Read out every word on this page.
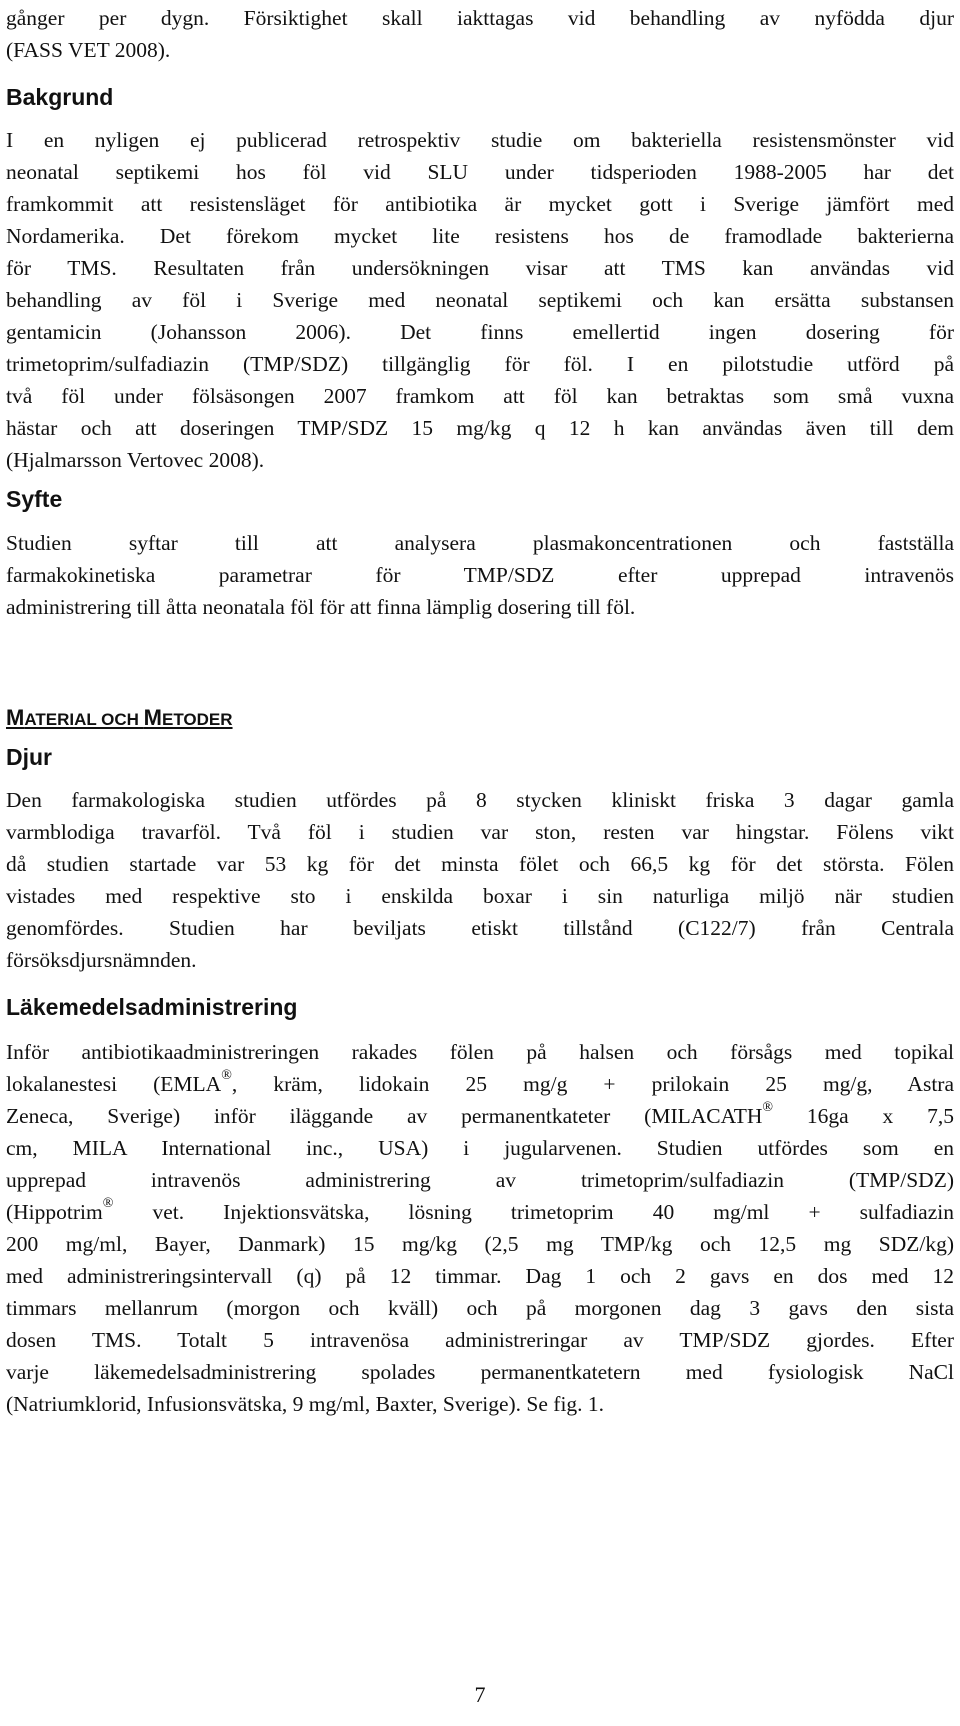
gånger per dygn. Försiktighet skall iakttagas vid behandling av nyfödda djur
(FASS VET 2008).
Bakgrund
I en nyligen ej publicerad retrospektiv studie om bakteriella resistensmönster vid
neonatal septikemi hos föl vid SLU under tidsperioden 1988-2005 har det
framkommit att resistensläget för antibiotika är mycket gott i Sverige jämfört med
Nordamerika. Det förekom mycket lite resistens hos de framodlade bakterierna
för TMS. Resultaten från undersökningen visar att TMS kan användas vid
behandling av föl i Sverige med neonatal septikemi och kan ersätta substansen
gentamicin (Johansson 2006). Det finns emellertid ingen dosering för
trimetoprim/sulfadiazin (TMP/SDZ) tillgänglig för föl. I en pilotstudie utförd på
två föl under fölsäsongen 2007 framkom att föl kan betraktas som små vuxna
hästar och att doseringen TMP/SDZ 15 mg/kg q 12 h kan användas även till dem
(Hjalmarsson Vertovec 2008).
Syfte
Studien syftar till att analysera plasmakoncentrationen och fastställa
farmakokinetiska parametrar för TMP/SDZ efter upprepad intravenös
administrering till åtta neonatala föl för att finna lämplig dosering till föl.
MATERIAL OCH METODER
Djur
Den farmakologiska studien utfördes på 8 stycken kliniskt friska 3 dagar gamla
varmblodiga travarföl. Två föl i studien var ston, resten var hingstar. Fölens vikt
då studien startade var 53 kg för det minsta fölet och 66,5 kg för det största. Fölen
vistades med respektive sto i enskilda boxar i sin naturliga miljö när studien
genomfördes. Studien har beviljats etiskt tillstånd (C122/7) från Centrala
försöksdjursnämnden.
Läkemedelsadministrering
Inför antibiotikaadministreringen rakades fölen på halsen och försågs med topikal
lokalanestesi (EMLA®, kräm, lidokain 25 mg/g + prilokain 25 mg/g, Astra
Zeneca, Sverige) inför iläggande av permanentkateter (MILACATH® 16ga x 7,5
cm, MILA International inc., USA) i jugularvenen. Studien utfördes som en
upprepad intravenös administrering av trimetoprim/sulfadiazin (TMP/SDZ)
(Hippotrim® vet. Injektionsvätska, lösning trimetoprim 40 mg/ml + sulfadiazin
200 mg/ml, Bayer, Danmark) 15 mg/kg (2,5 mg TMP/kg och 12,5 mg SDZ/kg)
med administreringsintervall (q) på 12 timmar. Dag 1 och 2 gavs en dos med 12
timmars mellanrum (morgon och kväll) och på morgonen dag 3 gavs den sista
dosen TMS. Totalt 5 intravenösa administreringar av TMP/SDZ gjordes. Efter
varje läkemedelsadministrering spolades permanentkatetern med fysiologisk NaCl
(Natriumklorid, Infusionsvätska, 9 mg/ml, Baxter, Sverige). Se fig. 1.
7
